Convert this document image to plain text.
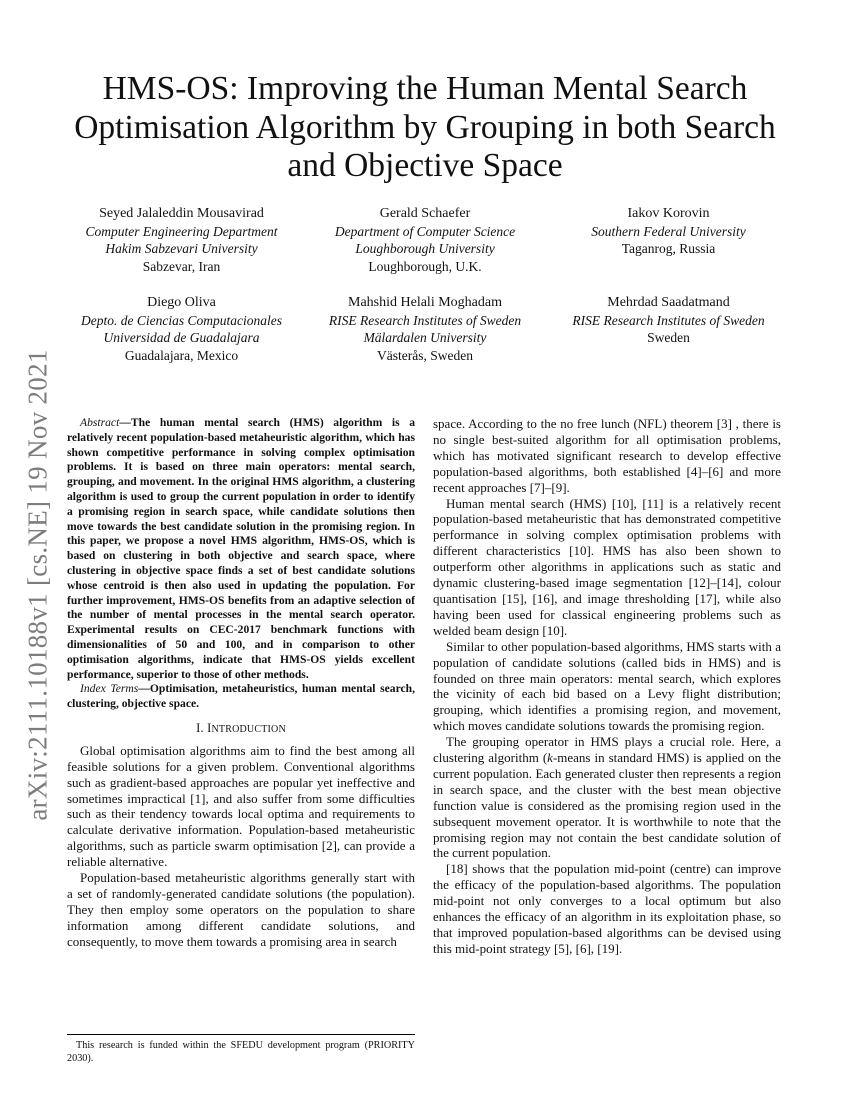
arXiv:2111.10188v1 [cs.NE] 19 Nov 2021
HMS-OS: Improving the Human Mental Search
Optimisation Algorithm by Grouping in both Search
and Objective Space
Seyed Jalaleddin Mousavirad
Computer Engineering Department
Hakim Sabzevari University
Sabzevar, Iran
Gerald Schaefer
Department of Computer Science
Loughborough University
Loughborough, U.K.
Iakov Korovin
Southern Federal University
Taganrog, Russia
Diego Oliva
Depto. de Ciencias Computacionales
Universidad de Guadalajara
Guadalajara, Mexico
Mahshid Helali Moghadam
RISE Research Institutes of Sweden
Mälardalen University
Västerås, Sweden
Mehrdad Saadatmand
RISE Research Institutes of Sweden
Sweden

Abstract—The human mental search (HMS) algorithm is a relatively recent population-based metaheuristic algorithm, which has shown competitive performance in solving complex optimisation problems. It is based on three main operators: mental search, grouping, and movement. In the original HMS algorithm, a clustering algorithm is used to group the current population in order to identify a promising region in search space, while candidate solutions then move towards the best candidate solution in the promising region. In this paper, we propose a novel HMS algorithm, HMS-OS, which is based on clustering in both objective and search space, where clustering in objective space finds a set of best candidate solutions whose centroid is then also used in updating the population. For further improvement, HMS-OS benefits from an adaptive selection of the number of mental processes in the mental search operator. Experimental results on CEC-2017 benchmark functions with dimensionalities of 50 and 100, and in comparison to other optimisation algorithms, indicate that HMS-OS yields excellent performance, superior to those of other methods.

Index Terms—Optimisation, metaheuristics, human mental search, clustering, objective space.

I. INTRODUCTION

Global optimisation algorithms aim to find the best among all feasible solutions for a given problem. Conventional algorithms such as gradient-based approaches are popular yet ineffective and sometimes impractical [1], and also suffer from some difficulties such as their tendency towards local optima and requirements to calculate derivative information. Population-based metaheuristic algorithms, such as particle swarm optimisation [2], can provide a reliable alternative.

Population-based metaheuristic algorithms generally start with a set of randomly-generated candidate solutions (the population). They then employ some operators on the population to share information among different candidate solutions, and consequently, to move them towards a promising area in search

This research is funded within the SFEDU development program (PRIORITY 2030).

space. According to the no free lunch (NFL) theorem [3] , there is no single best-suited algorithm for all optimisation problems, which has motivated significant research to develop effective population-based algorithms, both established [4]–[6] and more recent approaches [7]–[9].

Human mental search (HMS) [10], [11] is a relatively recent population-based metaheuristic that has demonstrated competitive performance in solving complex optimisation problems with different characteristics [10]. HMS has also been shown to outperform other algorithms in applications such as static and dynamic clustering-based image segmentation [12]–[14], colour quantisation [15], [16], and image thresholding [17], while also having been used for classical engineering problems such as welded beam design [10].

Similar to other population-based algorithms, HMS starts with a population of candidate solutions (called bids in HMS) and is founded on three main operators: mental search, which explores the vicinity of each bid based on a Levy flight distribution; grouping, which identifies a promising region, and movement, which moves candidate solutions towards the promising region.

The grouping operator in HMS plays a crucial role. Here, a clustering algorithm (k-means in standard HMS) is applied on the current population. Each generated cluster then represents a region in search space, and the cluster with the best mean objective function value is considered as the promising region used in the subsequent movement operator. It is worthwhile to note that the promising region may not contain the best candidate solution of the current population.

[18] shows that the population mid-point (centre) can improve the efficacy of the population-based algorithms. The population mid-point not only converges to a local optimum but also enhances the efficacy of an algorithm in its exploitation phase, so that improved population-based algorithms can be devised using this mid-point strategy [5], [6], [19].
